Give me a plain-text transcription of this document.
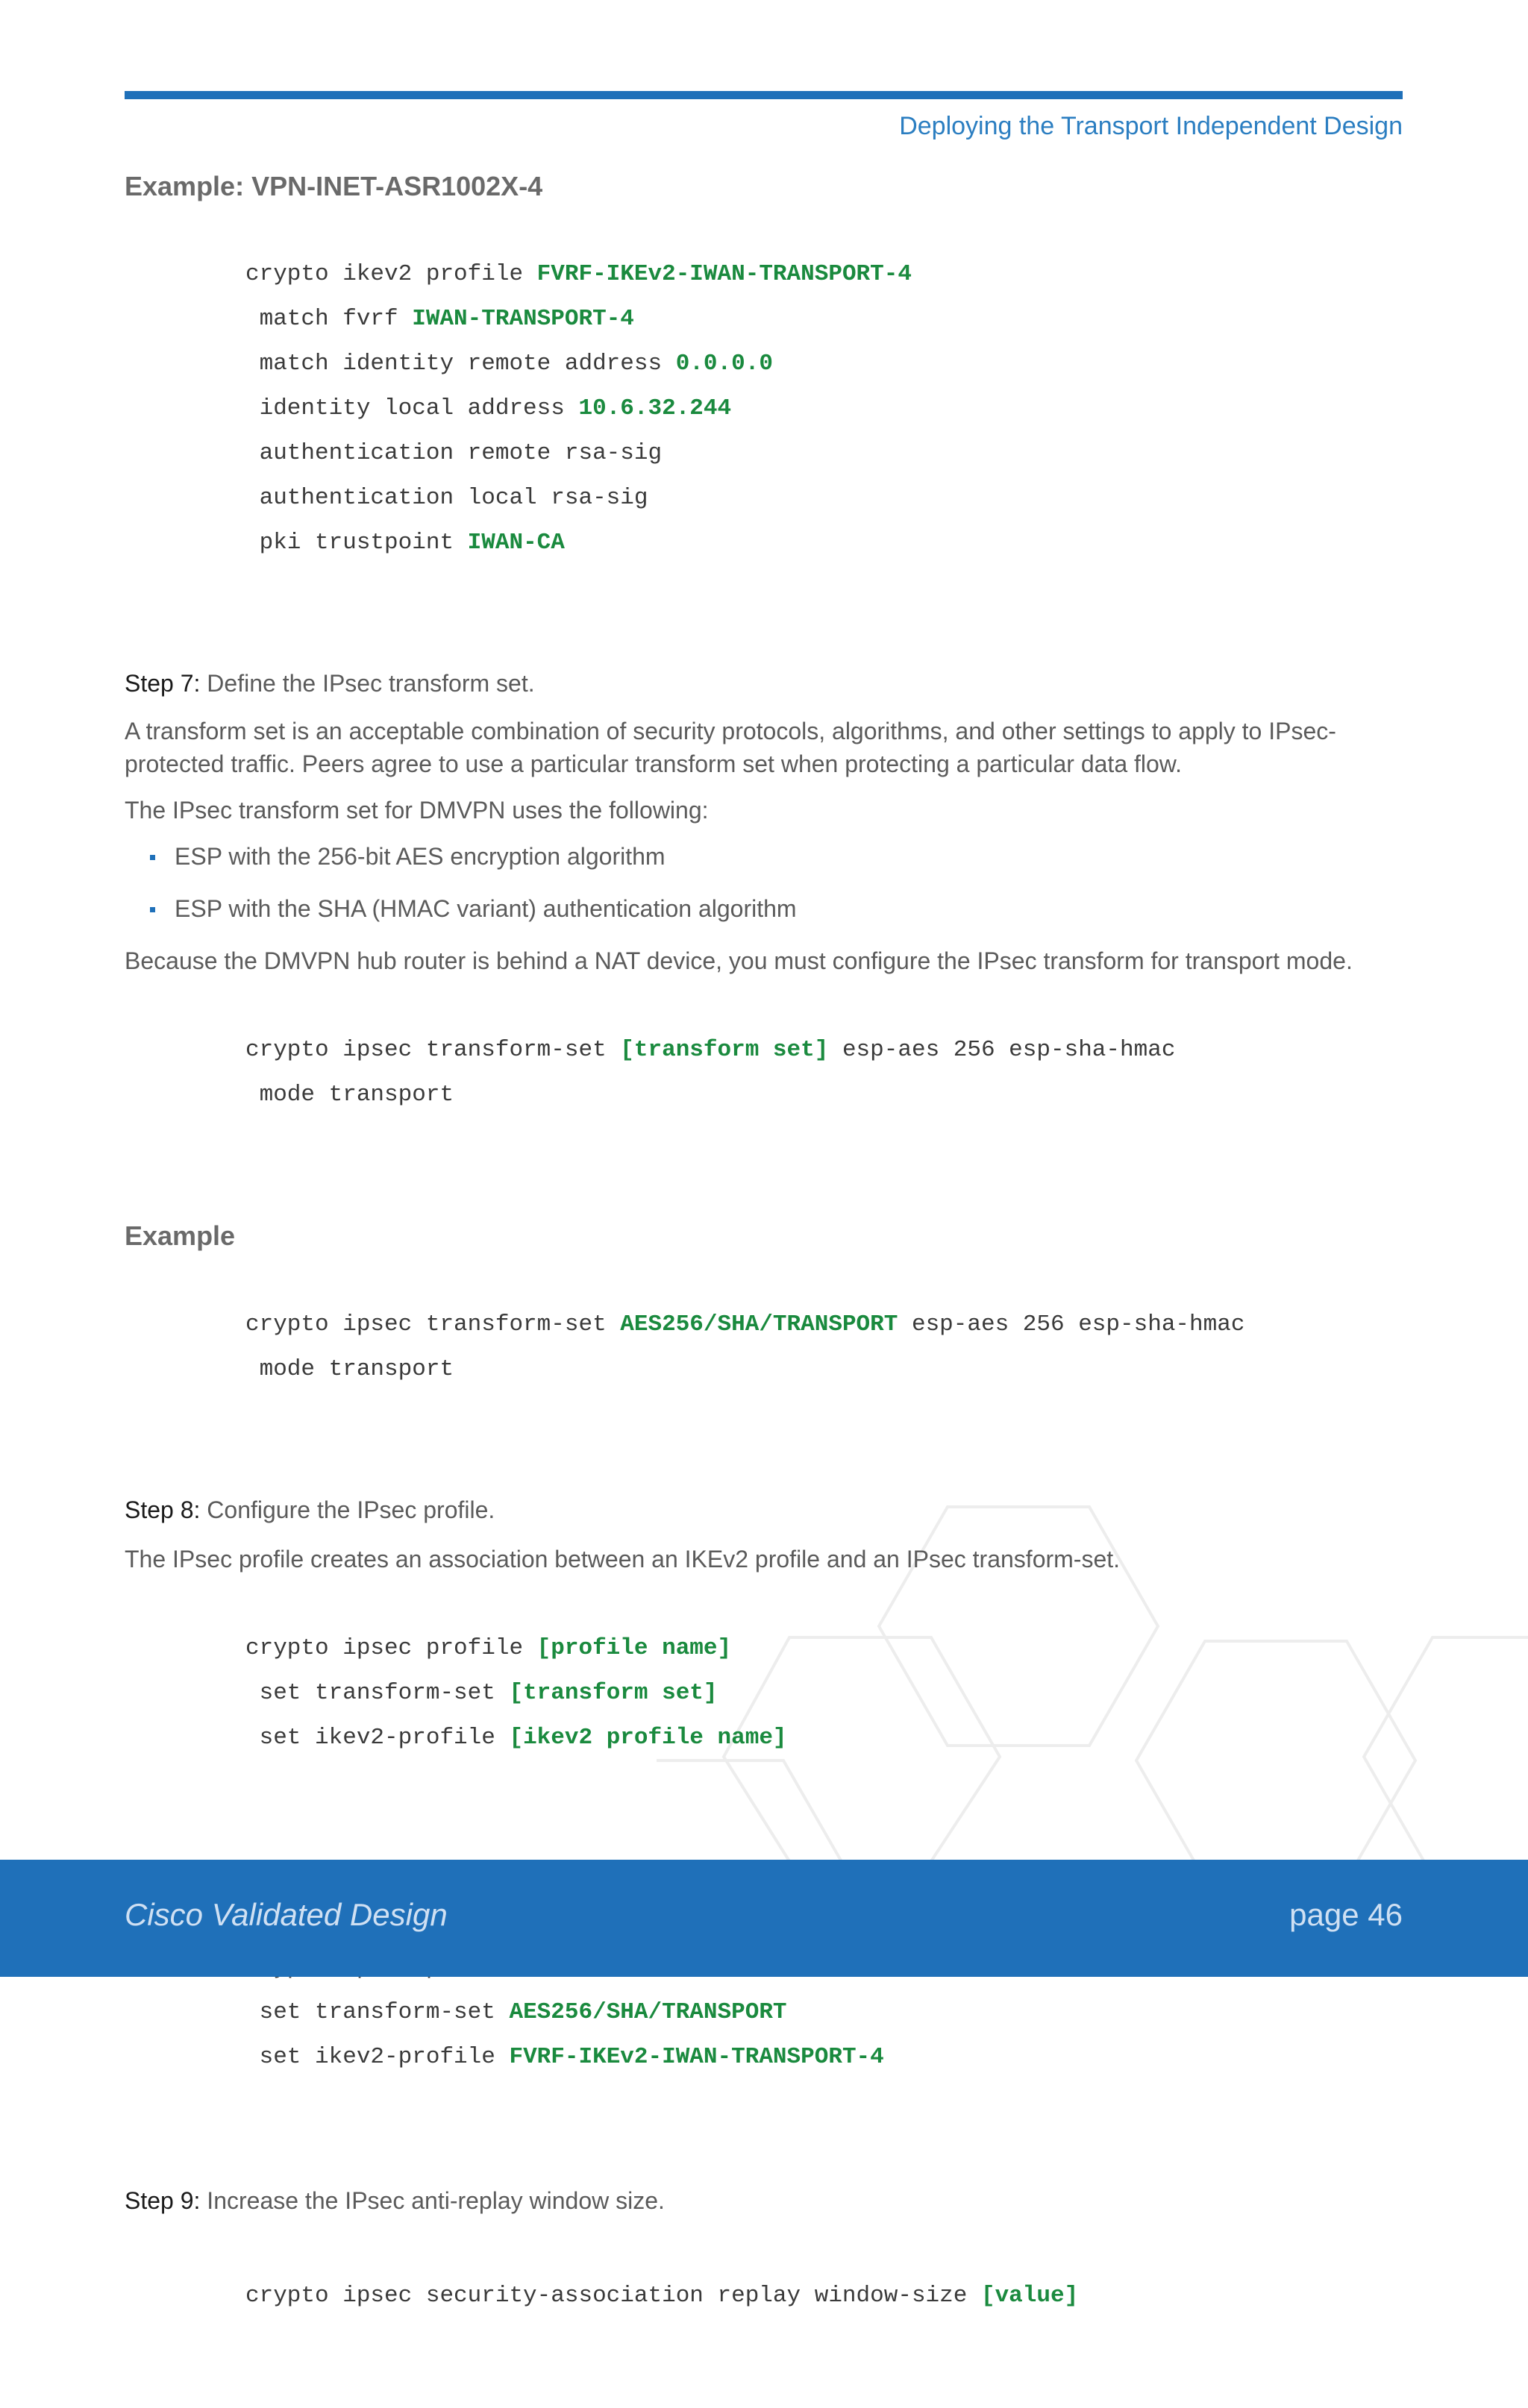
Deploying the Transport Independent Design
Example: VPN-INET-ASR1002X-4

crypto ikev2 profile FVRF-IKEv2-IWAN-TRANSPORT-4
match fvrf IWAN-TRANSPORT-4
match identity remote address 0.0.0.0
identity local address 10.6.32.244
authentication remote rsa-sig
authentication local rsa-sig
pki trustpoint IWAN-CA

Step 7: Define the IPsec transform set.

A transform set is an acceptable combination of security protocols, algorithms, and other settings to apply to IPsec-protected traffic. Peers agree to use a particular transform set when protecting a particular data flow.

The IPsec transform set for DMVPN uses the following:

ESP with the 256-bit AES encryption algorithm
ESP with the SHA (HMAC variant) authentication algorithm

Because the DMVPN hub router is behind a NAT device, you must configure the IPsec transform for transport mode.

crypto ipsec transform-set [transform set] esp-aes 256 esp-sha-hmac
mode transport

Example

crypto ipsec transform-set AES256/SHA/TRANSPORT esp-aes 256 esp-sha-hmac
mode transport

Step 8: Configure the IPsec profile.

The IPsec profile creates an association between an IKEv2 profile and an IPsec transform-set.

crypto ipsec profile [profile name]
set transform-set [transform set]
set ikev2-profile [ikev2 profile name]

set transform-set AES256/SHA/TRANSPORT
set ikev2-profile FVRF-IKEv2-IWAN-TRANSPORT-4

Step 9: Increase the IPsec anti-replay window size.

crypto ipsec security-association replay window-size [value]

Cisco Validated Design	page 46
